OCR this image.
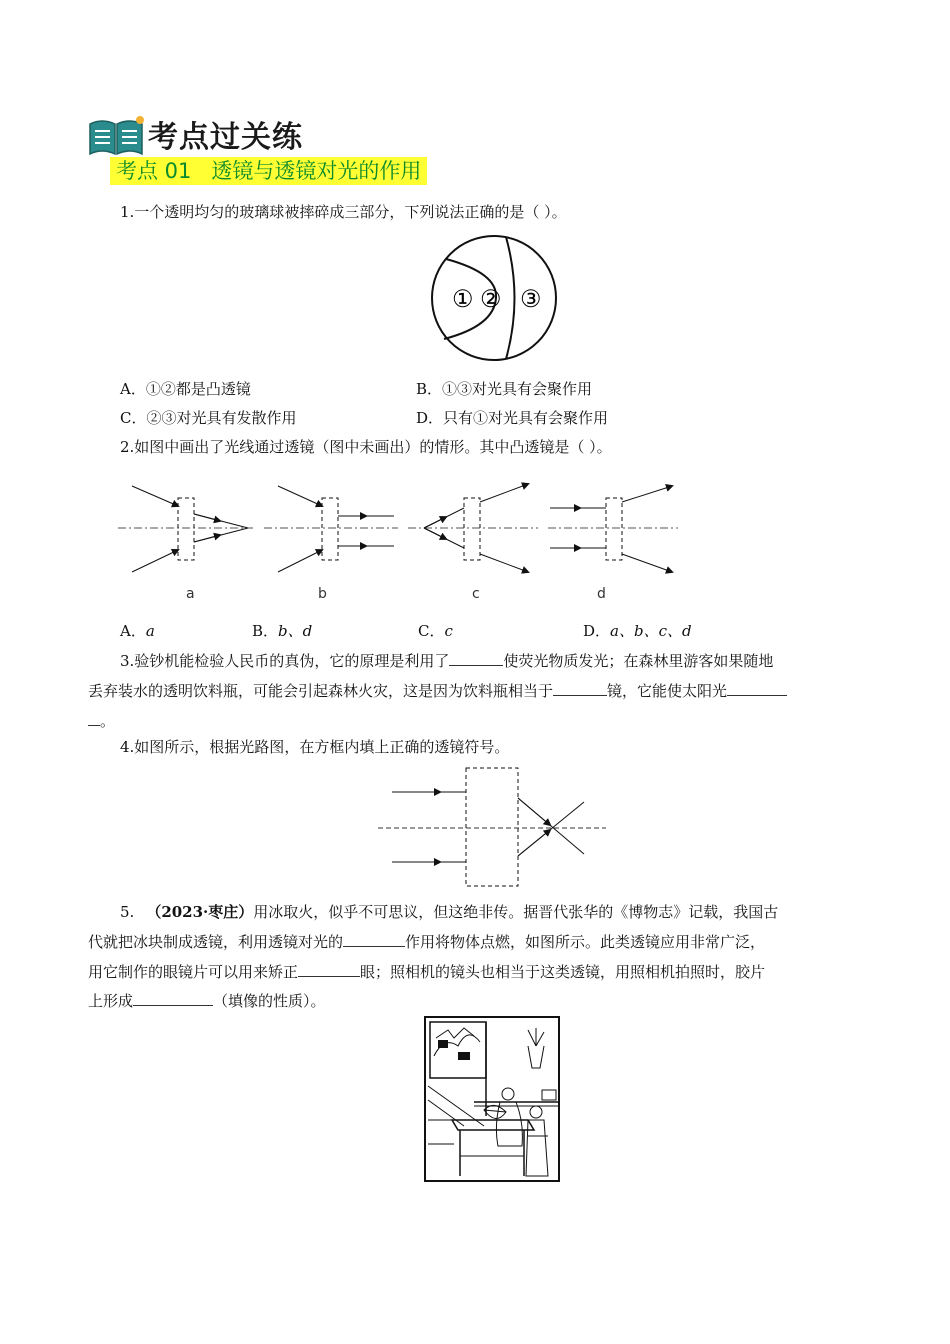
考点过关练
考点 01 透镜与透镜对光的作用
1.一个透明均匀的玻璃球被摔碎成三部分，下列说法正确的是（ ）。
① ② ③
A．①②都是凸透镜	B．①③对光具有会聚作用
C．②③对光具有发散作用	D．只有①对光具有会聚作用
2.如图中画出了光线通过透镜（图中未画出）的情形。其中凸透镜是（ ）。
a	b	c	d
A．a	B．b、d	C．c	D．a、b、c、d
3.验钞机能检验人民币的真伪，它的原理是利用了	使荧光物质发光；在森林里游客如果随地
丢弃装水的透明饮料瓶，可能会引起森林火灾，这是因为饮料瓶相当于	镜，它能使太阳光
。
4.如图所示，根据光路图，在方框内填上正确的透镜符号。
5. （2023·枣庄）用冰取火，似乎不可思议，但这绝非传。据晋代张华的《博物志》记载，我国古
代就把冰块制成透镜，利用透镜对光的	作用将物体点燃，如图所示。此类透镜应用非常广泛，
用它制作的眼镜片可以用来矫正	眼；照相机的镜头也相当于这类透镜，用照相机拍照时，胶片
上形成	（填像的性质）。
